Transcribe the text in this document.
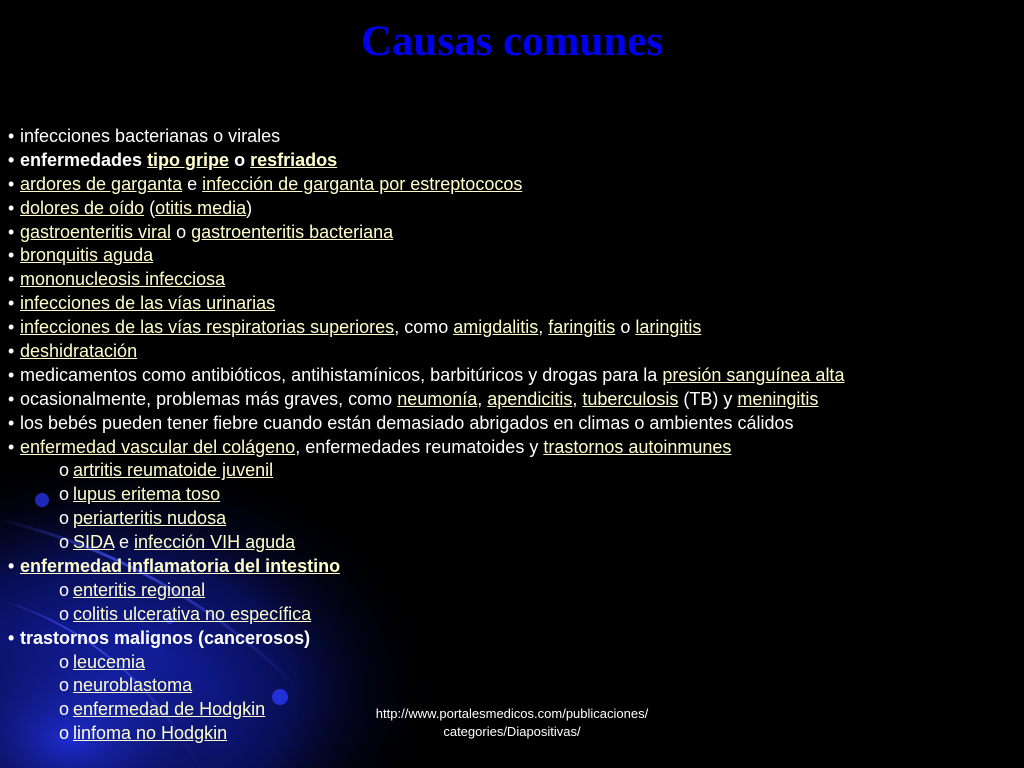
Causas comunes
• infecciones bacterianas o virales
• enfermedades tipo gripe o resfriados
• ardores de garganta e infección de garganta por estreptococos
• dolores de oído (otitis media)
• gastroenteritis viral o gastroenteritis bacteriana
• bronquitis aguda
• mononucleosis infecciosa
• infecciones de las vías urinarias
• infecciones de las vías respiratorias superiores, como amigdalitis, faringitis o laringitis
• deshidratación
• medicamentos como antibióticos, antihistamínicos, barbitúricos y drogas para la presión sanguínea alta
• ocasionalmente, problemas más graves, como neumonía, apendicitis, tuberculosis (TB) y meningitis
• los bebés pueden tener fiebre cuando están demasiado abrigados en climas o ambientes cálidos
• enfermedad vascular del colágeno, enfermedades reumatoides y trastornos autoinmunes
o artritis reumatoide juvenil
o lupus eritema toso
o periarteritis nudosa
o SIDA e infección VIH aguda
• enfermedad inflamatoria del intestino
o enteritis regional
o colitis ulcerativa no específica
• trastornos malignos (cancerosos)
o leucemia
o neuroblastoma
o enfermedad de Hodgkin
o linfoma no Hodgkin
http://www.portalesmedicos.com/publicaciones/
categories/Diapositivas/
